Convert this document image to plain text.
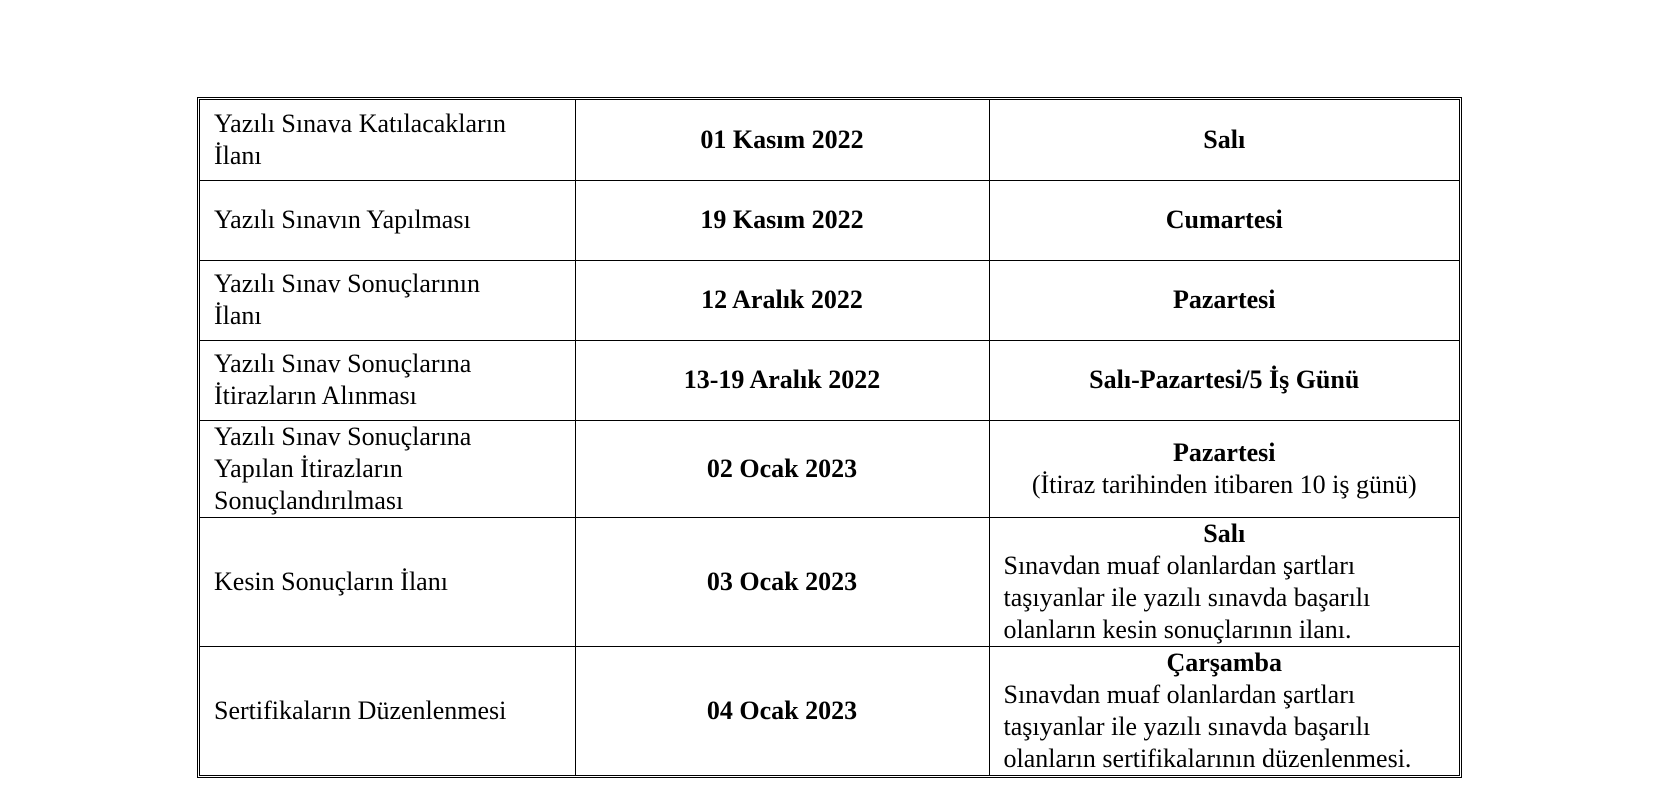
Yazılı Sınava Katılacakların
İlanı	01 Kasım 2022	Salı
Yazılı Sınavın Yapılması	19 Kasım 2022	Cumartesi
Yazılı Sınav Sonuçlarının
İlanı	12 Aralık 2022	Pazartesi
Yazılı Sınav Sonuçlarına
İtirazların Alınması	13-19 Aralık 2022	Salı-Pazartesi/5 İş Günü
Yazılı Sınav Sonuçlarına
Yapılan İtirazların
Sonuçlandırılması	02 Ocak 2023	Pazartesi
(İtiraz tarihinden itibaren 10 iş günü)

Kesin Sonuçların İlanı	03 Ocak 2023	Salı
Sınavdan muaf olanlardan şartları
taşıyanlar ile yazılı sınavda başarılı
olanların kesin sonuçlarının ilanı.

Sertifikaların Düzenlenmesi	04 Ocak 2023	Çarşamba
Sınavdan muaf olanlardan şartları
taşıyanlar ile yazılı sınavda başarılı
olanların sertifikalarının düzenlenmesi.
